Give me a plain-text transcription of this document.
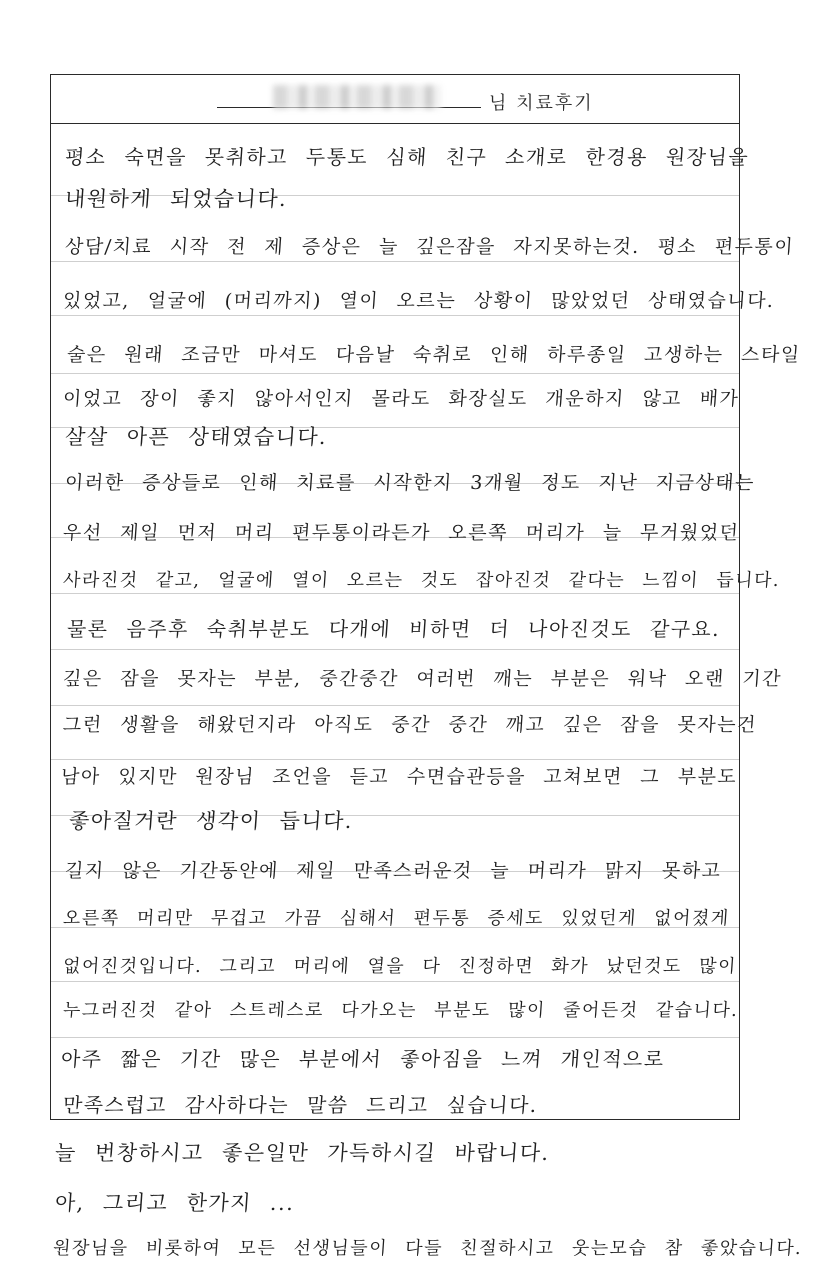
님 치료후기
평소 숙면을 못취하고 두통도 심해 친구 소개로 한경용 원장님을
내원하게 되었습니다.
상담/치료 시작 전 제 증상은 늘 깊은잠을 자지못하는것. 평소 편두통이
있었고, 얼굴에 (머리까지) 열이 오르는 상황이 많았었던 상태였습니다.
술은 원래 조금만 마셔도 다음날 숙취로 인해 하루종일 고생하는 스타일
이었고 장이 좋지 않아서인지 몰라도 화장실도 개운하지 않고 배가
살살 아픈 상태였습니다.
이러한 증상들로 인해 치료를 시작한지 3개월 정도 지난 지금상태는
우선 제일 먼저 머리 편두통이라든가 오른쪽 머리가 늘 무거웠었던
사라진것 같고, 얼굴에 열이 오르는 것도 잡아진것 같다는 느낌이 듭니다.
물론 음주후 숙취부분도 다개에 비하면 더 나아진것도 같구요.
깊은 잠을 못자는 부분, 중간중간 여러번 깨는 부분은 워낙 오랜 기간
그런 생활을 해왔던지라 아직도 중간 중간 깨고 깊은 잠을 못자는건
남아 있지만 원장님 조언을 듣고 수면습관등을 고쳐보면 그 부분도
좋아질거란 생각이 듭니다.
길지 않은 기간동안에 제일 만족스러운것 늘 머리가 맑지 못하고
오른쪽 머리만 무겁고 가끔 심해서 편두통 증세도 있었던게 없어졌게
없어진것입니다. 그리고 머리에 열을 다 진정하면 화가 났던것도 많이
누그러진것 같아 스트레스로 다가오는 부분도 많이 줄어든것 같습니다.
아주 짧은 기간 많은 부분에서 좋아짐을 느껴 개인적으로
만족스럽고 감사하다는 말씀 드리고 싶습니다.
늘 번창하시고 좋은일만 가득하시길 바랍니다.
아, 그리고 한가지 ...
원장님을 비롯하여 모든 선생님들이 다들 친절하시고 웃는모습 참 좋았습니다.
